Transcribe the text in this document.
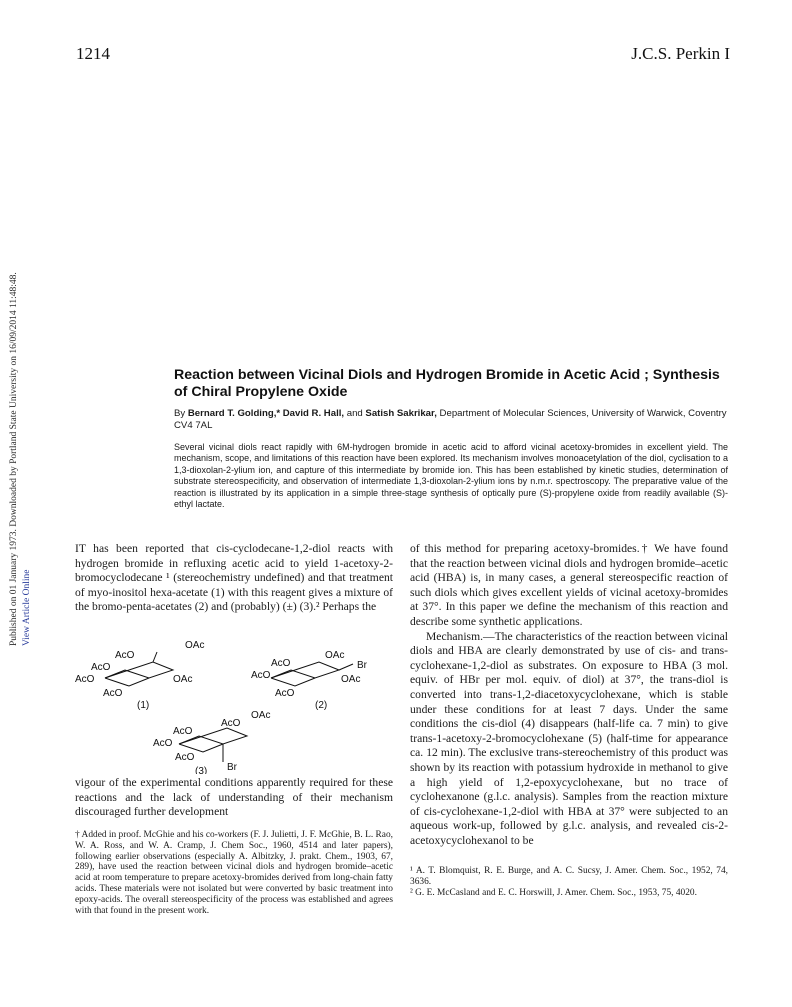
1214	J.C.S. Perkin I
Published on 01 January 1973. Downloaded by Portland State University on 16/09/2014 11:48:48. View Article Online
Reaction between Vicinal Diols and Hydrogen Bromide in Acetic Acid ; Synthesis of Chiral Propylene Oxide
By Bernard T. Golding,* David R. Hall, and Satish Sakrikar, Department of Molecular Sciences, University of Warwick, Coventry CV4 7AL
Several vicinal diols react rapidly with 6M-hydrogen bromide in acetic acid to afford vicinal acetoxy-bromides in excellent yield. The mechanism, scope, and limitations of this reaction have been explored. Its mechanism involves monoacetylation of the diol, cyclisation to a 1,3-dioxolan-2-ylium ion, and capture of this intermediate by bromide ion. This has been established by kinetic studies, determination of substrate stereospecificity, and observation of intermediate 1,3-dioxolan-2-ylium ions by n.m.r. spectroscopy. The preparative value of the reaction is illustrated by its application in a simple three-stage synthesis of optically pure (S)-propylene oxide from readily available (S)-ethyl lactate.

IT has been reported that cis-cyclodecane-1,2-diol reacts with hydrogen bromide in refluxing acetic acid to yield 1-acetoxy-2-bromocyclodecane ¹ (stereochemistry undefined) and that treatment of myo-inositol hexa-acetate (1) with this reagent gives a mixture of the bromo-penta-acetates (2) and (probably) (±) (3).² Perhaps the

OAc
AcO
AcO
AcO	OAc
AcO
(1)
OAc
AcO
AcO
Br
OAc
AcO
(2)
OAc
AcO
AcO
AcO
AcO
Br
(3)

vigour of the experimental conditions apparently required for these reactions and the lack of understanding of their mechanism discouraged further development

† Added in proof. McGhie and his co-workers (F. J. Julietti, J. F. McGhie, B. L. Rao, W. A. Ross, and W. A. Cramp, J. Chem Soc., 1960, 4514 and later papers), following earlier observations (especially A. Albitzky, J. prakt. Chem., 1903, 67, 289), have used the reaction between vicinal diols and hydrogen bromide–acetic acid at room temperature to prepare acetoxy-bromides derived from long-chain fatty acids. These materials were not isolated but were converted by basic treatment into epoxy-acids. The overall stereospecificity of the process was established and agrees with that found in the present work.

of this method for preparing acetoxy-bromides.† We have found that the reaction between vicinal diols and hydrogen bromide–acetic acid (HBA) is, in many cases, a general stereospecific reaction of such diols which gives excellent yields of vicinal acetoxy-bromides at 37°. In this paper we define the mechanism of this reaction and describe some synthetic applications.

Mechanism.—The characteristics of the reaction between vicinal diols and HBA are clearly demonstrated by use of cis- and trans-cyclohexane-1,2-diol as substrates. On exposure to HBA (3 mol. equiv. of HBr per mol. equiv. of diol) at 37°, the trans-diol is converted into trans-1,2-diacetoxycyclohexane, which is stable under these conditions for at least 7 days. Under the same conditions the cis-diol (4) disappears (half-life ca. 7 min) to give trans-1-acetoxy-2-bromocyclohexane (5) (half-time for appearance ca. 12 min). The exclusive trans-stereochemistry of this product was shown by its reaction with potassium hydroxide in methanol to give a high yield of 1,2-epoxycyclohexane, but no trace of cyclohexanone (g.l.c. analysis). Samples from the reaction mixture of cis-cyclohexane-1,2-diol with HBA at 37° were subjected to an aqueous work-up, followed by g.l.c. analysis, and revealed cis-2-acetoxycyclohexanol to be

¹ A. T. Blomquist, R. E. Burge, and A. C. Sucsy, J. Amer. Chem. Soc., 1952, 74, 3636.
² G. E. McCasland and E. C. Horswill, J. Amer. Chem. Soc., 1953, 75, 4020.
